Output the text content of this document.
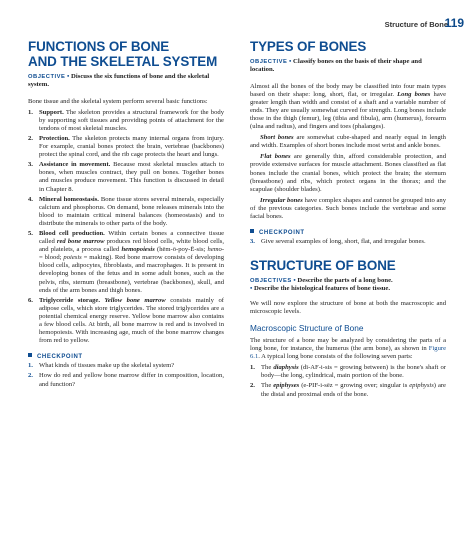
Structure of Bone
119
FUNCTIONS OF BONE
AND THE SKELETAL SYSTEM
OBJECTIVE • Discuss the six functions of bone and the skeletal system.

Bone tissue and the skeletal system perform several basic functions:

1. Support. The skeleton provides a structural framework for the body by supporting soft tissues and providing points of attachment for the tendons of most skeletal muscles.
2. Protection. The skeleton protects many internal organs from injury. For example, cranial bones protect the brain, vertebrae (backbones) protect the spinal cord, and the rib cage protects the heart and lungs.
3. Assistance in movement. Because most skeletal muscles attach to bones, when muscles contract, they pull on bones. Together bones and muscles produce movement. This function is discussed in detail in Chapter 8.
4. Mineral homeostasis. Bone tissue stores several minerals, especially calcium and phosphorus. On demand, bone releases minerals into the blood to maintain critical mineral balances (homeostasis) and to distribute the minerals to other parts of the body.
5. Blood cell production. Within certain bones a connective tissue called red bone marrow produces red blood cells, white blood cells, and platelets, a process called hemopoiesis (hēm-ō-poy-Ē-sis; hemo- = blood; poiesis = making). Red bone marrow consists of developing blood cells, adipocytes, fibroblasts, and macrophages. It is present in developing bones of the fetus and in some adult bones, such as the pelvis, ribs, sternum (breastbone), vertebrae (backbones), skull, and ends of the arm bones and thigh bones.
6. Triglyceride storage. Yellow bone marrow consists mainly of adipose cells, which store triglycerides. The stored triglycerides are a potential chemical energy reserve. Yellow bone marrow also contains a few blood cells. At birth, all bone marrow is red and is involved in hemopoiesis. With increasing age, much of the bone marrow changes from red to yellow.
CHECKPOINT
1. What kinds of tissues make up the skeletal system?
2. How do red and yellow bone marrow differ in composition, location, and function?
TYPES OF BONES
OBJECTIVE • Classify bones on the basis of their shape and location.

Almost all the bones of the body may be classified into four main types based on their shape: long, short, flat, or irregular. Long bones have greater length than width and consist of a shaft and a variable number of ends. They are usually somewhat curved for strength. Long bones include those in the thigh (femur), leg (tibia and fibula), arm (humerus), forearm (ulna and radius), and fingers and toes (phalanges).

Short bones are somewhat cube-shaped and nearly equal in length and width. Examples of short bones include most wrist and ankle bones.

Flat bones are generally thin, afford considerable protection, and provide extensive surfaces for muscle attachment. Bones classified as flat bones include the cranial bones, which protect the brain; the sternum (breastbone) and ribs, which protect organs in the thorax; and the scapulae (shoulder blades).

Irregular bones have complex shapes and cannot be grouped into any of the previous categories. Such bones include the vertebrae and some facial bones.

CHECKPOINT
3. Give several examples of long, short, flat, and irregular bones.
STRUCTURE OF BONE
OBJECTIVES • Describe the parts of a long bone.
• Describe the histological features of bone tissue.

We will now explore the structure of bone at both the macroscopic and microscopic levels.

Macroscopic Structure of Bone

The structure of a bone may be analyzed by considering the parts of a long bone, for instance, the humerus (the arm bone), as shown in Figure 6.1. A typical long bone consists of the following seven parts:

1. The diaphysis (dī-AF-i-sis = growing between) is the bone's shaft or body—the long, cylindrical, main portion of the bone.
2. The epiphyses (e-PIF-i-sēz = growing over; singular is epiphysis) are the distal and proximal ends of the bone.
